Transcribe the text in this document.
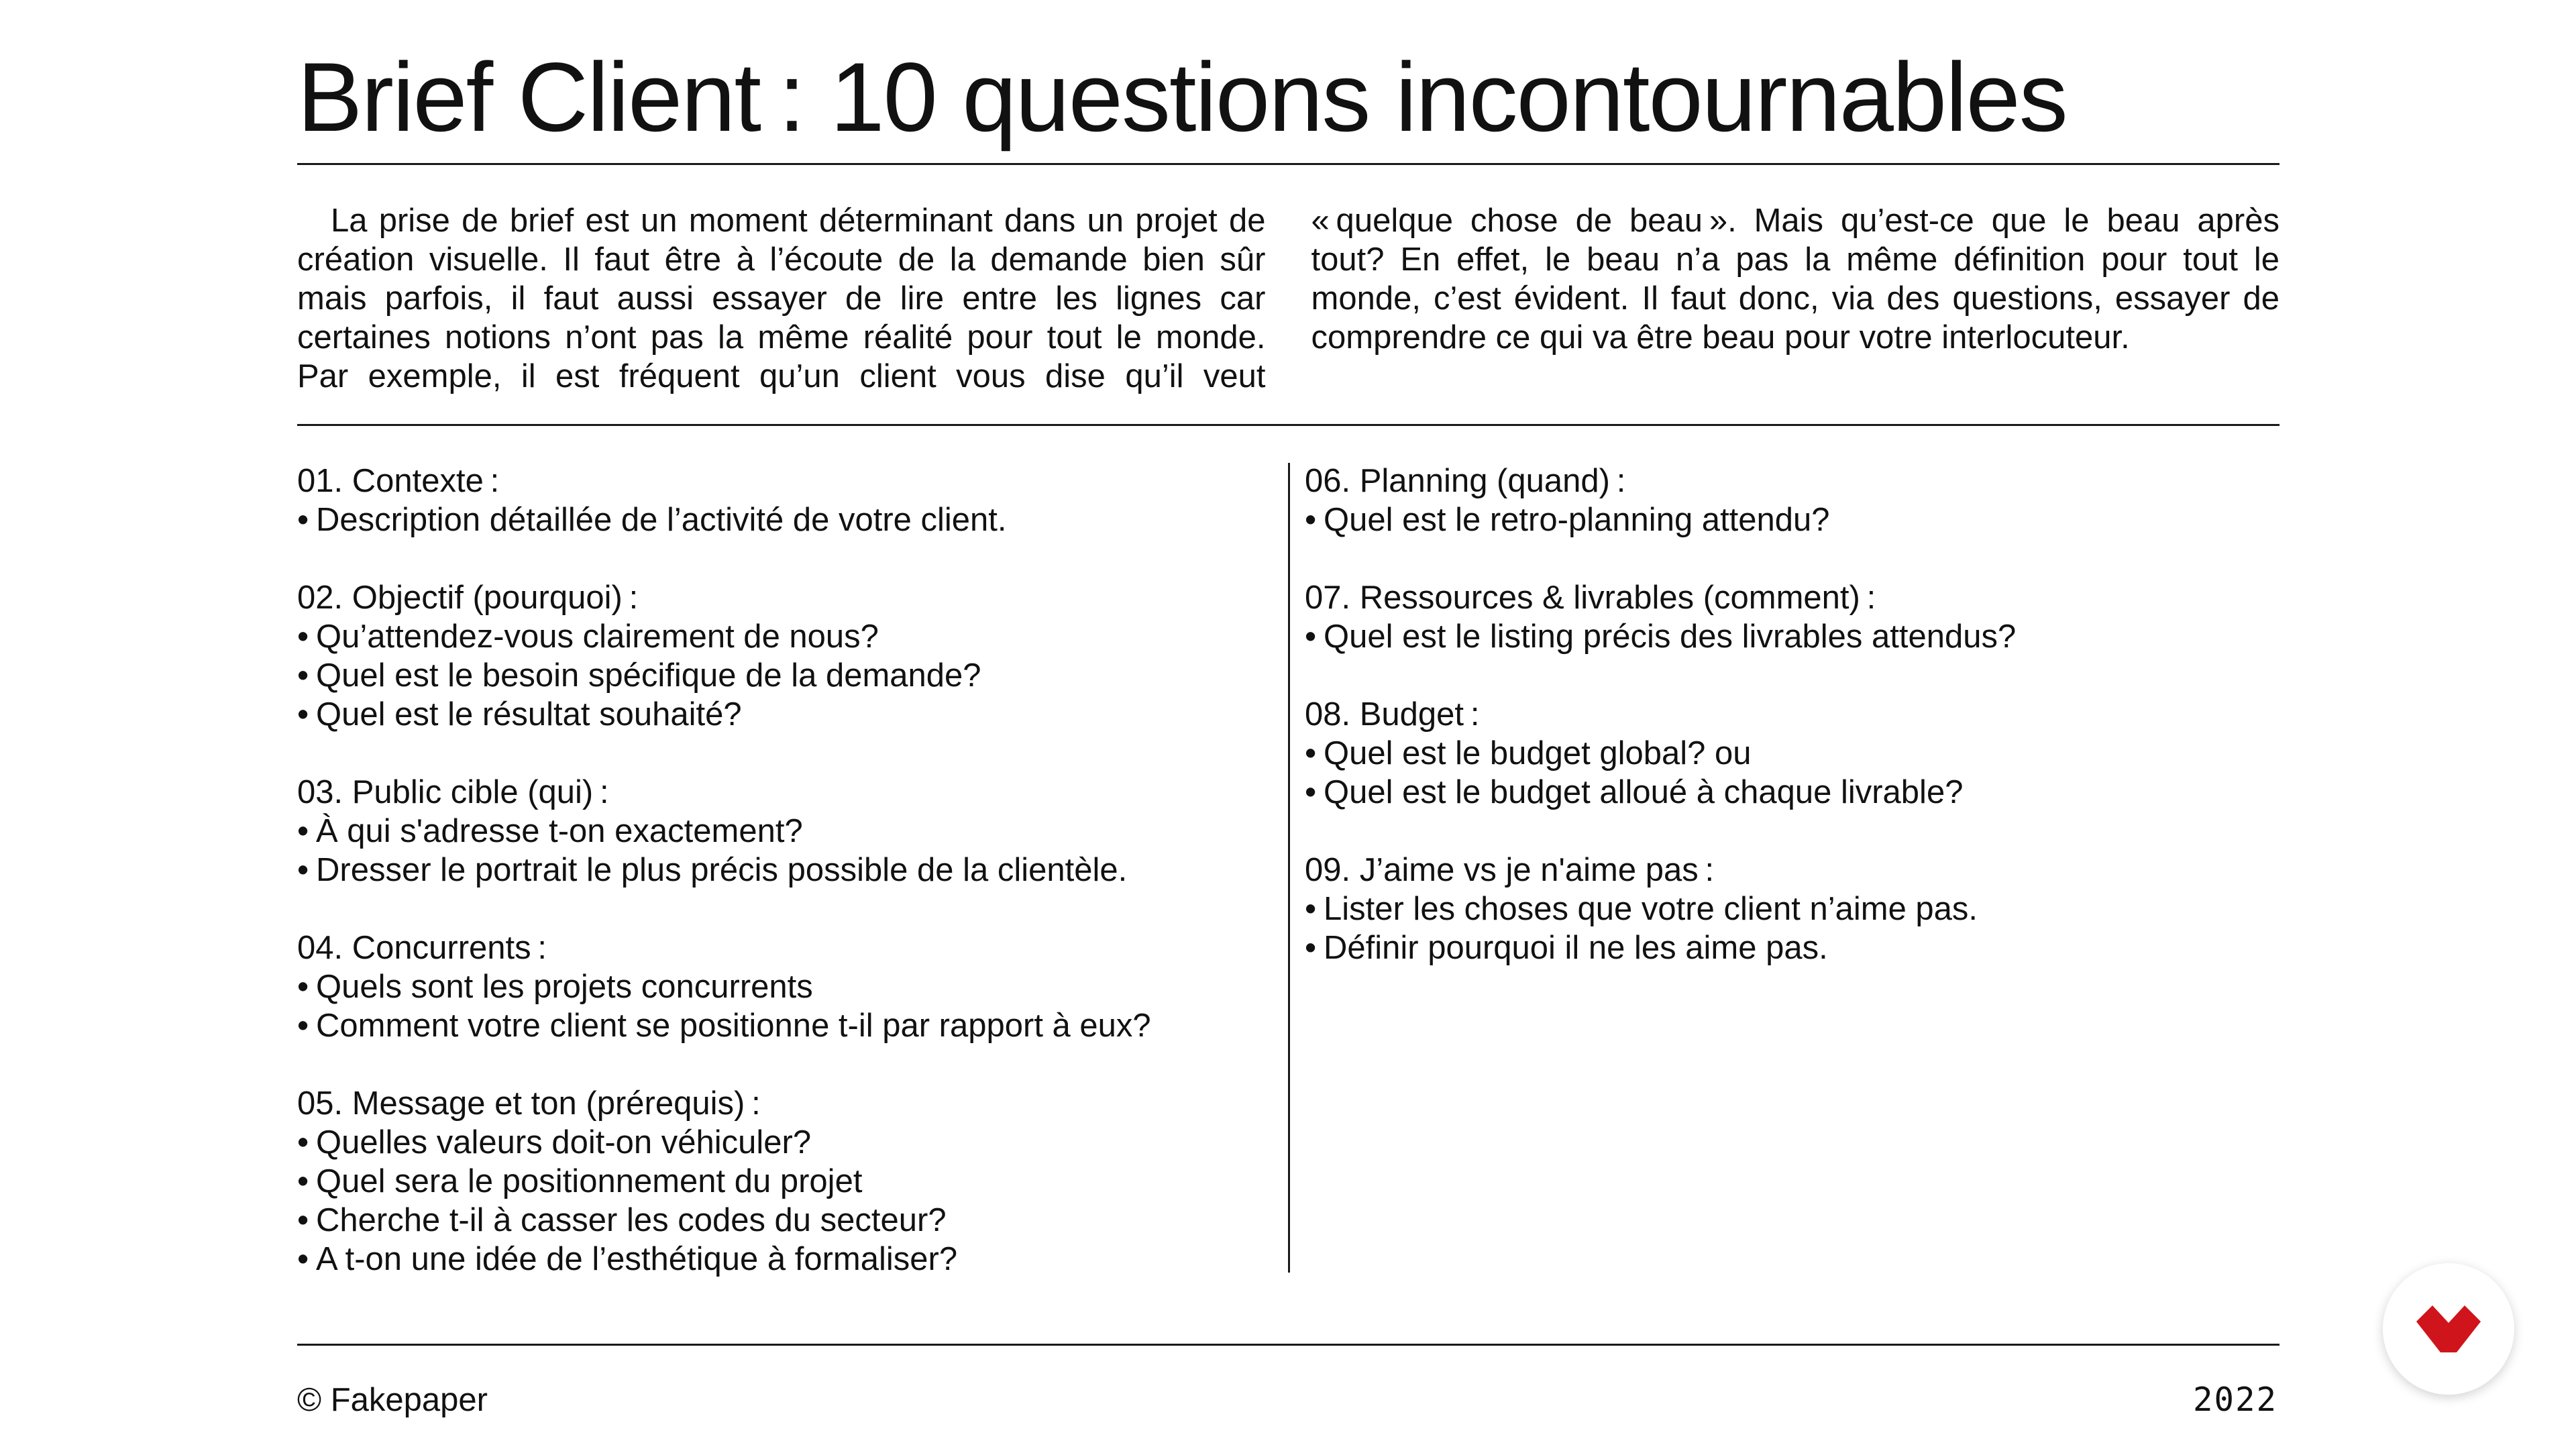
Brief Client : 10 questions incontournables

La prise de brief est un moment déterminant dans un projet de création visuelle. Il faut être à l’écoute de la demande bien sûr mais parfois, il faut aussi essayer de lire entre les lignes car certaines notions n’ont pas la même réalité pour tout le monde. Par exemple, il est fréquent qu’un client vous dise qu’il veut « quelque chose de beau ». Mais qu’est-ce que le beau après tout? En effet, le beau n’a pas la même définition pour tout le monde, c’est évident. Il faut donc, via des questions, essayer de comprendre ce qui va être beau pour votre interlocuteur.

01. Contexte :
• Description détaillée de l’activité de votre client.
02. Objectif (pourquoi) :
• Qu’attendez-vous clairement de nous?
• Quel est le besoin spécifique de la demande?
• Quel est le résultat souhaité?
03. Public cible (qui) :
• À qui s'adresse t-on exactement?
• Dresser le portrait le plus précis possible de la clientèle.
04. Concurrents :
• Quels sont les projets concurrents
• Comment votre client se positionne t-il par rapport à eux?
05. Message et ton (prérequis) :
• Quelles valeurs doit-on véhiculer?
• Quel sera le positionnement du projet
• Cherche t-il à casser les codes du secteur?
• A t-on une idée de l’esthétique à formaliser?
06. Planning (quand) :
• Quel est le retro-planning attendu?
07. Ressources & livrables (comment) :
• Quel est le listing précis des livrables attendus?
08. Budget :
• Quel est le budget global? ou
• Quel est le budget alloué à chaque livrable?
09. J’aime vs je n'aime pas :
• Lister les choses que votre client n’aime pas.
• Définir pourquoi il ne les aime pas.
© Fakepaper	2022
